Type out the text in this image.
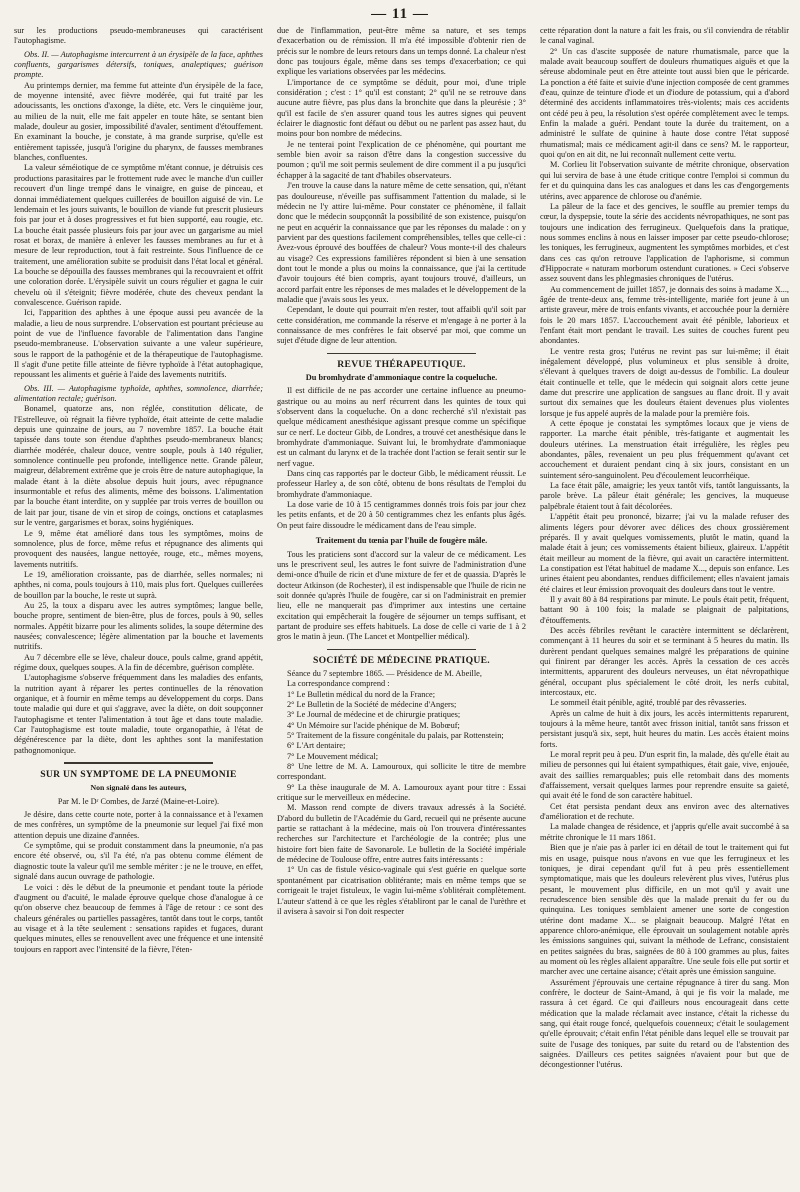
— 11 —

sur les productions pseudo-membraneuses qui caractérisent l'autophagisme.

Obs. II. — Autophagisme intercurrent à un érysipèle de la face, aphthes confluents, gargarismes détersifs, toniques, analeptiques; guérison prompte.

Au printemps dernier, ma femme fut atteinte d'un érysipèle de la face, de moyenne intensité, avec fièvre modérée, qui fut traité par les adoucissants, les onctions d'axonge, la diète, etc. Vers le cinquième jour, au milieu de la nuit, elle me fait appeler en toute hâte, se sentant bien malade, douleur au gosier, impossibilité d'avaler, sentiment d'étouffement. En examinant la bouche, je constate, à ma grande surprise, qu'elle est entièrement tapissée, jusqu'à l'origine du pharynx, de fausses membranes blanches, confluentes.

La valeur séméiotique de ce symptôme m'étant connue, je détruisis ces productions parasitaires par le frottement rude avec le manche d'un cuiller recouvert d'un linge trempé dans le vinaigre, en guise de pinceau, et donnai immédiatement quelques cuillerées de bouillon aiguisé de vin. Le lendemain et les jours suivants, le bouillon de viande fut prescrit plusieurs fois par jour et à doses progressives et fut bien supporté, eau rougie, etc. La bouche était passée plusieurs fois par jour avec un gargarisme au miel rosat et borax, de manière à enlever les fausses membranes au fur et à mesure de leur reproduction, tout à fait restreinte. Sous l'influence de ce traitement, une amélioration subite se produisit dans l'état local et général. La bouche se dépouilla des fausses membranes qui la recouvraient et offrit une coloration dorée. L'érysipèle suivit un cours régulier et gagna le cuir chevelu où il s'éteignit; fièvre modérée, chute des cheveux pendant la convalescence. Guérison rapide.

Ici, l'apparition des aphthes à une époque aussi peu avancée de la maladie, a lieu de nous surprendre. L'observation est pourtant précieuse au point de vue de l'influence favorable de l'alimentation dans l'angine pseudo-membraneuse. L'observation suivante a une valeur supérieure, sous le rapport de la pathogénie et de la thérapeutique de l'autophagisme. Il s'agit d'une petite fille atteinte de fièvre typhoïde à l'état autophagique, repoussant les aliments et guérie à l'aide des lavements nutritifs.

Obs. III. — Autophagisme typhoïde, aphthes, somnolence, diarrhée; alimentation rectale; guérison.

Bonamel, quatorze ans, non réglée, constitution délicate, de l'Estrelleuve, où régnait la fièvre typhoïde, était atteinte de cette maladie depuis une quinzaine de jours, au 7 novembre 1857. La bouche était tapissée dans toute son étendue d'aphthes pseudo-membraneux blancs; diarrhée modérée, chaleur douce, ventre souple, pouls à 140 régulier, somnolence continuelle peu profonde, intelligence nette. Grande pâleur, maigreur, délabrement extrême que je crois être de nature autophagique, la malade étant à la diète absolue depuis huit jours, avec répugnance insurmontable et refus des aliments, même des boissons. L'alimentation par la bouche étant interdite, on y supplée par trois verres de bouillon ou de lait par jour, tisane de vin et sirop de coings, onctions et cataplasmes sur le ventre, gargarismes et borax, soins hygiéniques.

Le 9, même état amélioré dans tous les symptômes, moins de somnolence, plus de force, même refus et répugnance des aliments qui provoquent des nausées, langue nettoyée, rouge, etc., mêmes moyens, lavements nutritifs.

Le 19, amélioration croissante, pas de diarrhée, selles normales; ni aphthes, ni coma, pouls toujours à 110, mais plus fort. Quelques cuillerées de bouillon par la bouche, le reste ut suprà.

Au 25, la toux a disparu avec les autres symptômes; langue belle, bouche propre, sentiment de bien-être, plus de forces, pouls à 90, selles normales. Appétit bizarre pour les aliments solides, la soupe détermine des nausées; convalescence; légère alimentation par la bouche et lavements nutritifs.

Au 7 décembre elle se lève, chaleur douce, pouls calme, grand appétit, régime doux, quelques soupes. A la fin de décembre, guérison complète.

L'autophagisme s'observe fréquemment dans les maladies des enfants, la nutrition ayant à réparer les pertes continuelles de la rénovation organique, et à fournir en même temps au développement du corps. Dans toute maladie qui dure et qui s'aggrave, avec la diète, on doit soupçonner l'autophagisme et tenter l'alimentation à tout âge et dans toute maladie. Car l'autophagisme est toute maladie, toute organopathie, à l'état de dégénérescence par la diète, dont les aphthes sont la manifestation pathognomonique.

SUR UN SYMPTOME DE LA PNEUMONIE
Non signalé dans les auteurs,
Par M. le Dʳ Combes, de Jarzé (Maine-et-Loire).

Je désire, dans cette courte note, porter à la connaissance et à l'examen de mes confrères, un symptôme de la pneumonie sur lequel j'ai fixé mon attention depuis une dizaine d'années.

Ce symptôme, qui se produit constamment dans la pneumonie, n'a pas encore été observé, ou, s'il l'a été, n'a pas obtenu comme élément de diagnostic toute la valeur qu'il me semble mériter : je ne le trouve, en effet, signalé dans aucun ouvrage de pathologie.

Le voici : dès le début de la pneumonie et pendant toute la période d'augment ou d'acuité, le malade éprouve quelque chose d'analogue à ce qu'on observe chez beaucoup de femmes à l'âge de retour : ce sont des chaleurs générales ou partielles passagères, tantôt dans tout le corps, tantôt au visage et à la tête seulement : sensations rapides et fugaces, durant quelques minutes, elles se renouvellent avec une fréquence et une intensité toujours en rapport avec l'intensité de la fièvre, l'éten-

due de l'inflammation, peut-être même sa nature, et ses temps d'exacerbation ou de rémission. Il m'a été impossible d'obtenir rien de précis sur le nombre de leurs retours dans un temps donné. La chaleur n'est donc pas toujours égale, même dans ses temps d'exacerbation; ce qui explique les variations observées par les médecins.

L'importance de ce symptôme se déduit, pour moi, d'une triple considération ; c'est : 1° qu'il est constant; 2° qu'il ne se retrouve dans aucune autre fièvre, pas plus dans la bronchite que dans la pleurésie ; 3° qu'il est facile de s'en assurer quand tous les autres signes qui peuvent éclairer le diagnostic font défaut ou début ou ne parlent pas assez haut, du moins pour bon nombre de médecins.

Je ne tenterai point l'explication de ce phénomène, qui pourtant me semble bien avoir sa raison d'être dans la congestion successive du poumon ; qu'il me soit permis seulement de dire comment il a pu jusqu'ici échapper à la sagacité de tant d'habiles observateurs.

J'en trouve la cause dans la nature même de cette sensation, qui, n'étant pas douloureuse, n'éveille pas suffisamment l'attention du malade, si le médecin ne l'y attire lui-même. Pour constater ce phénomène, il fallait donc que le médecin soupçonnât la possibilité de son existence, puisqu'on ne peut en acquérir la connaissance que par les réponses du malade : on y parvient par des questions facilement compréhensibles, telles que celle-ci : Avez-vous éprouvé des bouffées de chaleur? Vous monte-t-il des chaleurs au visage? Ces expressions familières répondent si bien à une sensation dont tout le monde a plus ou moins la connaissance, que j'ai la certitude d'avoir toujours été bien compris, ayant toujours trouvé, d'ailleurs, un accord parfait entre les réponses de mes malades et le développement de la maladie que j'avais sous les yeux.

Cependant, le doute qui pourrait m'en rester, tout affaibli qu'il soit par cette considération, me commande la réserve et m'engage à ne porter à la connaissance de mes confrères le fait observé par moi, que comme un sujet d'étude digne de leur attention.

REVUE THÉRAPEUTIQUE.
Du bromhydrate d'ammoniaque contre la coqueluche.

Il est difficile de ne pas accorder une certaine influence au pneumo-gastrique ou au moins au nerf récurrent dans les quintes de toux qui s'observent dans la coqueluche. On a donc recherché s'il n'existait pas quelque médicament anesthésique agissant presque comme un spécifique sur ce nerf. Le docteur Gibb, de Londres, a trouvé cet anesthésique dans le bromhydrate d'ammoniaque. Suivant lui, le bromhydrate d'ammoniaque est un calmant du larynx et de la trachée dont l'action se ferait sentir sur le nerf vague.

Dans cinq cas rapportés par le docteur Gibb, le médicament réussit. Le professeur Harley a, de son côté, obtenu de bons résultats de l'emploi du bromhydrate d'ammoniaque.

La dose varie de 10 à 15 centigrammes donnés trois fois par jour chez les petits enfants, et de 20 à 50 centigrammes chez les enfants plus âgés. On peut faire dissoudre le médicament dans de l'eau simple.

Traitement du tœnia par l'huile de fougère mâle.

Tous les praticiens sont d'accord sur la valeur de ce médicament. Les uns le prescrivent seul, les autres le font suivre de l'administration d'une demi-once d'huile de ricin et d'une mixture de fer et de quassia. D'après le docteur Atkinson (de Rochester), il est indispensable que l'huile de ricin ne soit donnée qu'après l'huile de fougère, car si on l'administrait en premier lieu, elle ne manquerait pas d'imprimer aux intestins une certaine excitation qui empêcherait la fougère de séjourner un temps suffisant, et partant de produire ses effets habituels. La dose de celle ci varie de 1 à 2 gros le matin à jeun. (The Lancet et Montpellier médical).

SOCIÉTÉ DE MÉDECINE PRATIQUE.

Séance du 7 septembre 1865. — Présidence de M. Abeille,

La correspondance comprend :

1° Le Bulletin médical du nord de la France;

2° Le Bulletin de la Société de médecine d'Angers;

3° Le Journal de médecine et de chirurgie pratiques;

4° Un Mémoire sur l'acide phénique de M. Bobœuf;

5° Traitement de la fissure congénitale du palais, par Rottenstein;

6° L'Art dentaire;

7° Le Mouvement médical;

8° Une lettre de M. A. Lamouroux, qui sollicite le titre de membre correspondant.

9° La thèse inaugurale de M. A. Lamouroux ayant pour titre : Essai critique sur le merveilleux en médecine.

M. Masson rend compte de divers travaux adressés à la Société. D'abord du bulletin de l'Académie du Gard, recueil qui ne présente aucune partie se rattachant à la médecine, mais où l'on trouvera d'intéressantes recherches sur l'architecture et l'archéologie de la contrée; plus une histoire fort bien faite de Savonarole. Le bulletin de la Société impériale de médecine de Toulouse offre, entre autres faits intéressants :

1° Un cas de fistule vésico-vaginale qui s'est guérie en quelque sorte spontanément par cicatrisation oblitérante; mais en même temps que se corrigeait le trajet fistuleux, le vagin lui-même s'oblitérait complètement. L'auteur s'attend à ce que les règles s'établiront par le canal de l'urèthre et il avisera à savoir si l'on doit respecter

cette réparation dont la nature a fait les frais, ou s'il conviendra de rétablir le canal vaginal.

2° Un cas d'ascite supposée de nature rhumatismale, parce que la malade avait beaucoup souffert de douleurs rhumatiques aiguës et que la séreuse abdominale peut en être atteinte tout aussi bien que le péricarde. La ponction a été faite et suivie d'une injection composée de cent grammes d'eau, quinze de teinture d'iode et un d'iodure de potassium, qui a d'abord déterminé des accidents inflammatoires très-violents; mais ces accidents ont cédé peu à peu, la résolution s'est opérée complètement avec le temps. Enfin la malade a guéri. Pendant toute la durée du traitement, on a administré le sulfate de quinine à haute dose contre l'état supposé rhumatismal; mais ce médicament agit-il dans ce sens? M. le rapporteur, quoi qu'on en ait dit, ne lui reconnaît nullement cette vertu.

M. Corlieu lit l'observation suivante de métrite chronique, observation qui lui servira de base à une étude critique contre l'emploi si commun du fer et du quinquina dans les cas analogues et dans les cas d'engorgements utérins, avec apparence de chlorose ou d'anémie.

La pâleur de la face et des gencives, le souffle au premier temps du cœur, la dyspepsie, toute la série des accidents névropathiques, ne sont pas toujours une indication des ferrugineux. Quelquefois dans la pratique, nous sommes enclins à nous en laisser imposer par cette pseudo-chlorose; les toniques, les ferrugineux, augmentent les symptômes morbides, et c'est dans ces cas qu'on retrouve l'application de l'aphorisme, si commun d'Hippocrate « naturam morborum ostendunt curationes. » Ceci s'observe assez souvent dans les phlegmasies chroniques de l'utérus.

Au commencement de juillet 1857, je donnais des soins à madame X..., âgée de trente-deux ans, femme très-intelligente, mariée fort jeune à un artiste graveur, mère de trois enfants vivants, et accouchée pour la dernière fois le 20 mars 1857. L'accouchement avait été pénible, laborieux et l'enfant était mort pendant le travail. Les suites de couches furent peu abondantes.

Le ventre resta gros; l'utérus ne revint pas sur lui-même; il était inégalement développé, plus volumineux et plus sensible à droite, s'élevant à quelques travers de doigt au-dessus de l'ombilic. La douleur était continuelle et telle, que le médecin qui soignait alors cette jeune dame dut prescrire une application de sangsues au flanc droit. Il y avait surtout dix semaines que les douleurs étaient devenues plus violentes lorsque je fus appelé auprès de la malade pour la première fois.

A cette époque je constatai les symptômes locaux que je viens de rapporter. La marche était pénible, très-fatigante et augmentait les douleurs utérines. La menstruation était irrégulière, les règles peu abondantes, pâles, revenaient un peu plus fréquemment qu'avant cet accouchement et duraient pendant cinq à six jours, consistant en un suintement séro-sanguinolent. Peu d'écoulement leucorrhéique.

La face était pâle, amaigrie; les yeux tantôt vifs, tantôt languissants, la parole brève. La pâleur était générale; les gencives, la muqueuse palpébrale étaient tout à fait décolorées.

L'appétit était peu prononcé, bizarre; j'ai vu la malade refuser des aliments légers pour dévorer avec délices des choux grossièrement préparés. Il y avait quelques vomissements, plutôt le matin, quand la malade était à jeun; ces vomissements étaient bilieux, glaireux. L'appétit était meilleur au moment de la fièvre, qui avait un caractère intermittent. La constipation est l'état habituel de madame X..., depuis son enfance. Les urines étaient peu abondantes, rendues difficilement; elles n'avaient jamais été claires et leur émission provoquait des douleurs dans tout le ventre.

Il y avait 80 à 84 respirations par minute. Le pouls était petit, fréquent, battant 90 à 100 fois; la malade se plaignait de palpitations, d'étouffements.

Des accès fébriles revêtant le caractère intermittent se déclarèrent, commençant à 11 heures du soir et se terminant à 5 heures du matin. Ils durèrent pendant quelques semaines malgré les préparations de quinine qui finirent par déranger les accès. Après la cessation de ces accès intermittents, apparurent des douleurs nerveuses, un état névropathique général, occupant plus spécialement le côté droit, les nerfs cubital, intercostaux, etc.

Le sommeil était pénible, agité, troublé par des rêvasseries.

Après un calme de huit à dix jours, les accès intermittents reparurent, toujours à la même heure, tantôt avec frisson initial, tantôt sans frisson et persistant jusqu'à six, sept, huit heures du matin. Les accès étaient moins forts.

Le moral reprit peu à peu. D'un esprit fin, la malade, dès qu'elle était au milieu de personnes qui lui étaient sympathiques, était gaie, vive, enjouée, avait des saillies remarquables; puis elle retombait dans des moments d'affaissement, versait quelques larmes pour reprendre ensuite sa gaieté, qui avait été le fond de son caractère habituel.

Cet état persista pendant deux ans environ avec des alternatives d'amélioration et de rechute.

La malade changea de résidence, et j'appris qu'elle avait succombé à sa métrite chronique le 11 mars 1861.

Bien que je n'aie pas à parler ici en détail de tout le traitement qui fut mis en usage, puisque nous n'avons en vue que les ferrugineux et les toniques, je dirai cependant qu'il fut à peu près essentiellement symptomatique, mais que les douleurs relevèrent plus vives, l'utérus plus pesant, le mouvement plus difficile, en un mot qu'il y avait une recrudescence bien sensible dès que la malade prenait du fer ou du quinquina. Les toniques semblaient amener une sorte de congestion utérine dont madame X... se plaignait beaucoup. Malgré l'état en apparence chloro-anémique, elle éprouvait un soulagement notable après les émissions sanguines qui, suivant la méthode de Lefranc, consistaient en petites saignées du bras, saignées de 80 à 100 grammes au plus, faites au moment où les règles allaient apparaître. Une seule fois elle put sortir et marcher avec une certaine aisance; c'était après une émission sanguine.

Assurément j'éprouvais une certaine répugnance à tirer du sang. Mon confrère, le docteur de Saint-Amand, à qui je fis voir la malade, me rassura à cet égard. Ce qui d'ailleurs nous encourageait dans cette médication que la malade réclamait avec instance, c'était la richesse du sang, qui était rouge foncé, quelquefois couenneux; c'était le soulagement qu'elle éprouvait; c'était enfin l'état pénible dans lequel elle se trouvait par suite de l'usage des toniques, par suite du retard ou de l'abstention des saignées. D'ailleurs ces petites saignées n'avaient pour but que de décongestionner l'utérus.
